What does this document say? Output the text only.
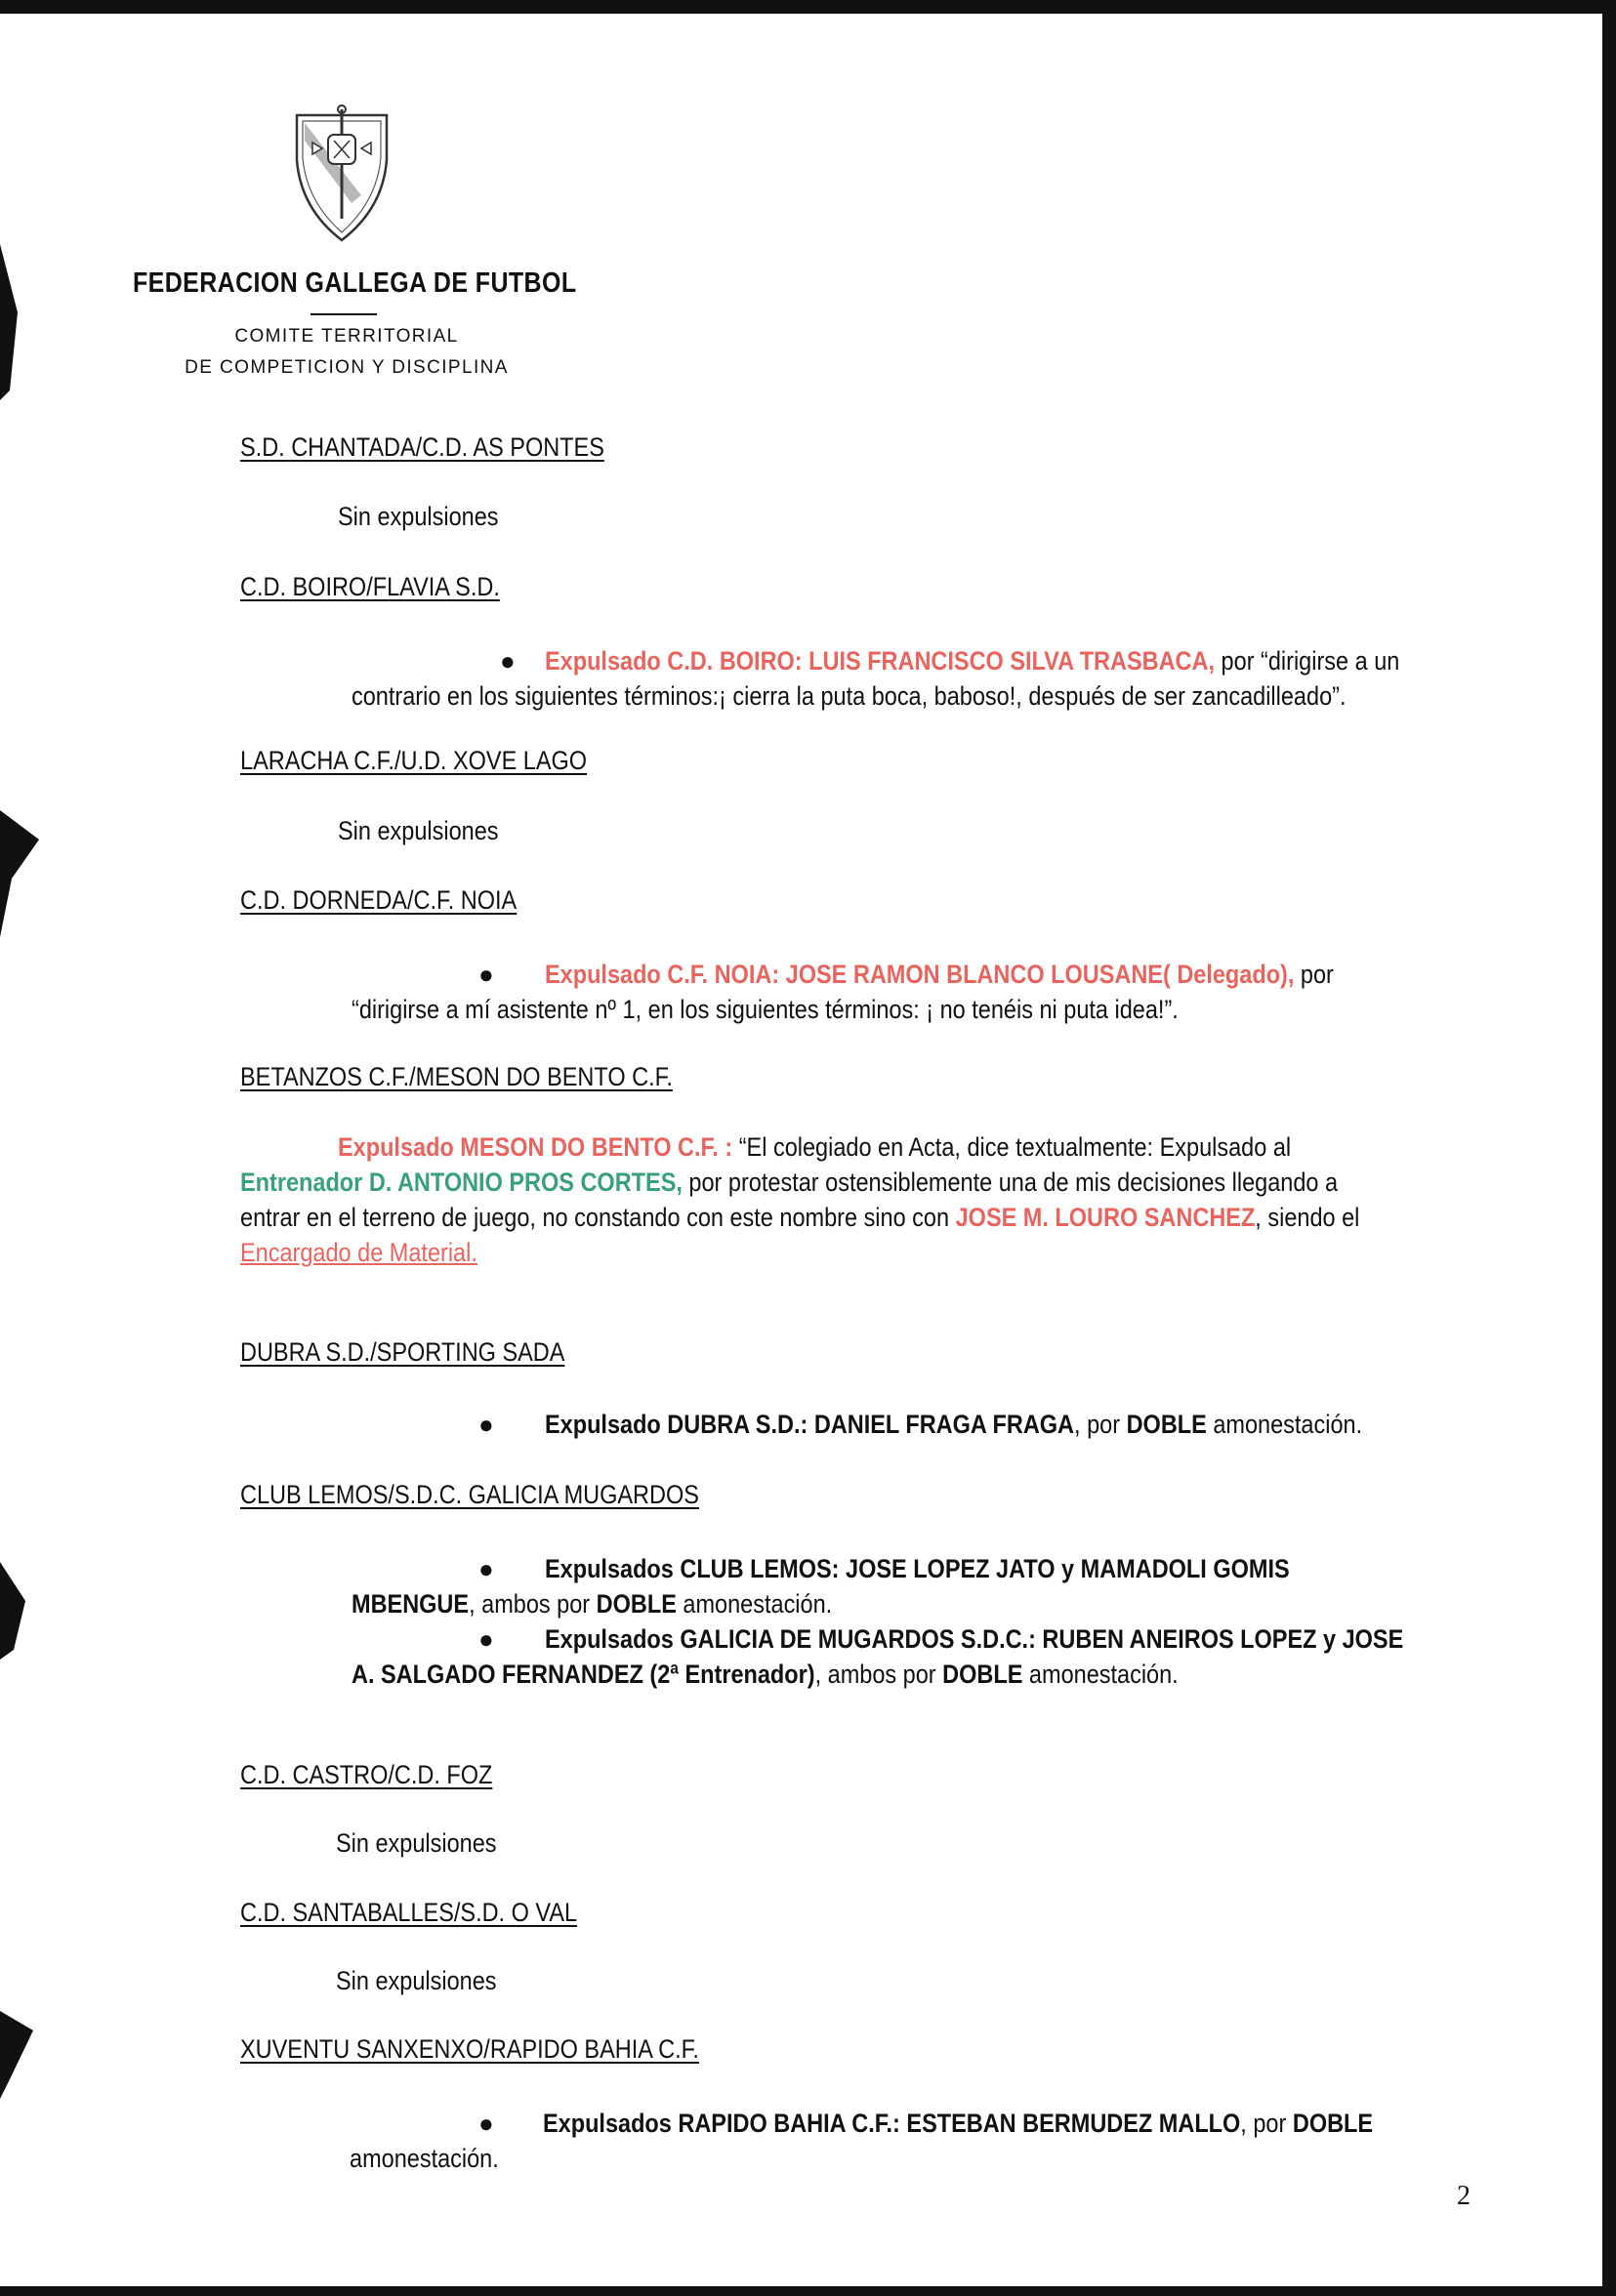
FEDERACION GALLEGA DE FUTBOL
COMITE TERRITORIAL
DE COMPETICION Y DISCIPLINA
S.D. CHANTADA/C.D. AS PONTES
Sin expulsiones
C.D. BOIRO/FLAVIA S.D.
● Expulsado C.D. BOIRO: LUIS FRANCISCO SILVA TRASBACA, por “dirigirse a un
contrario en los siguientes términos:¡ cierra la puta boca, baboso!, después de ser zancadilleado”.
LARACHA C.F./U.D. XOVE LAGO
Sin expulsiones
C.D. DORNEDA/C.F. NOIA
● Expulsado C.F. NOIA: JOSE RAMON BLANCO LOUSANE( Delegado), por
“dirigirse a mí asistente nº 1, en los siguientes términos: ¡ no tenéis ni puta idea!”.
BETANZOS C.F./MESON DO BENTO C.F.
Expulsado MESON DO BENTO C.F. : “El colegiado en Acta, dice textualmente: Expulsado al
Entrenador D. ANTONIO PROS CORTES, por protestar ostensiblemente una de mis decisiones llegando a
entrar en el terreno de juego, no constando con este nombre sino con JOSE M. LOURO SANCHEZ, siendo el
Encargado de Material.
DUBRA S.D./SPORTING SADA
● Expulsado DUBRA S.D.: DANIEL FRAGA FRAGA, por DOBLE amonestación.
CLUB LEMOS/S.D.C. GALICIA MUGARDOS
● Expulsados CLUB LEMOS: JOSE LOPEZ JATO y MAMADOLI GOMIS
MBENGUE, ambos por DOBLE amonestación.
● Expulsados GALICIA DE MUGARDOS S.D.C.: RUBEN ANEIROS LOPEZ y JOSE
A. SALGADO FERNANDEZ (2ª Entrenador), ambos por DOBLE amonestación.
C.D. CASTRO/C.D. FOZ
Sin expulsiones
C.D. SANTABALLES/S.D. O VAL
Sin expulsiones
XUVENTU SANXENXO/RAPIDO BAHIA C.F.
● Expulsados RAPIDO BAHIA C.F.: ESTEBAN BERMUDEZ MALLO, por DOBLE
amonestación.
2
